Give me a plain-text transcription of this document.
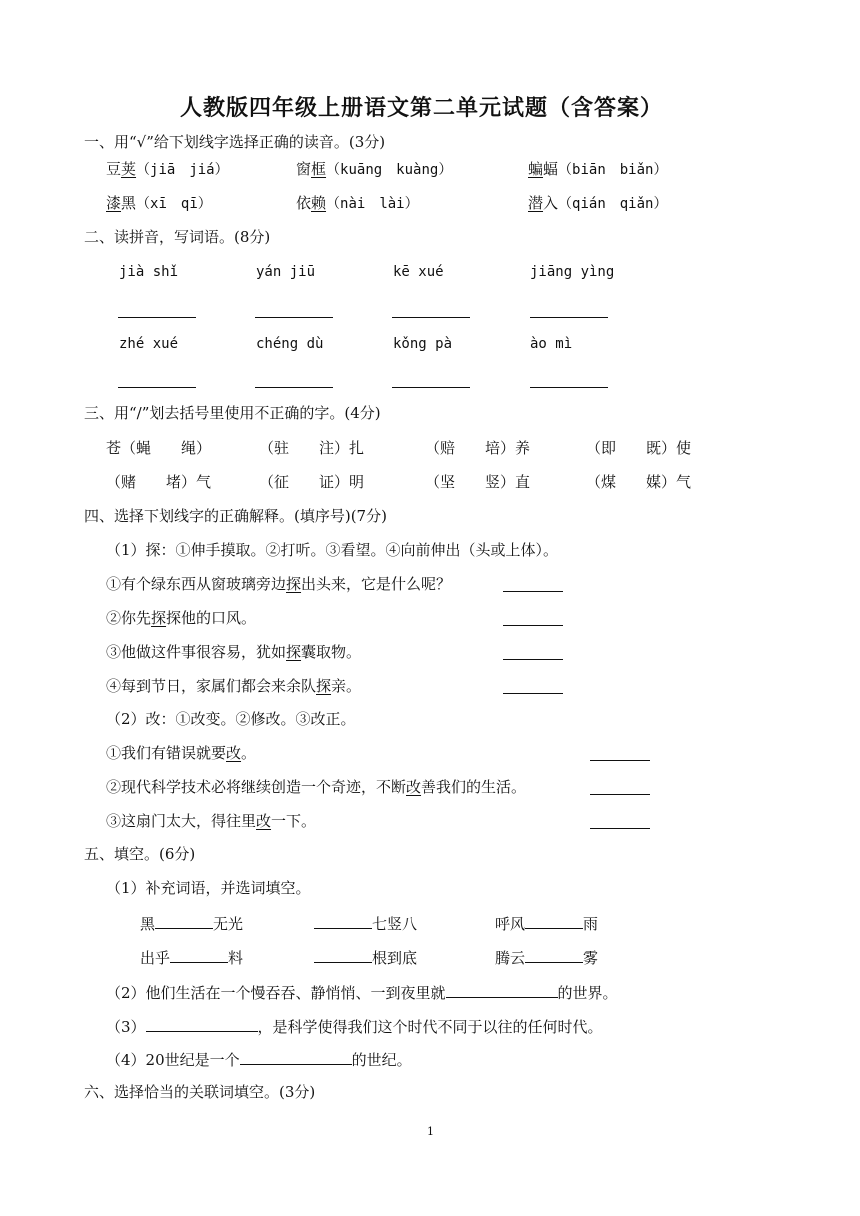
人教版四年级上册语文第二单元试题（含答案）
一、用“√”给下划线字选择正确的读音。(3分)
豆荚（jiā　jiá）	窗框（kuāng　kuàng）	蝙蝠（biān　biǎn）
漆黑（xī　qī）	依赖（nài　lài）	潜入（qián　qiǎn）
二、读拼音，写词语。(8分)
jià shǐ	yán jiū	kē xué	jiāng yìng
zhé xué	chéng dù	kǒng pà	ào mì
三、用“/”划去括号里使用不正确的字。(4分)
苍（蝇　　绳）	（驻　　注）扎	（赔　　培）养	（即　　既）使
（赌　　堵）气	（征　　证）明	（坚　　竖）直	（煤　　媒）气
四、选择下划线字的正确解释。(填序号)(7分)
（1）探：①伸手摸取。②打听。③看望。④向前伸出（头或上体）。
①有个绿东西从窗玻璃旁边探出头来，它是什么呢？
②你先探探他的口风。
③他做这件事很容易，犹如探囊取物。
④每到节日，家属们都会来余队探亲。
（2）改：①改变。②修改。③改正。
①我们有错误就要改。
②现代科学技术必将继续创造一个奇迹，不断改善我们的生活。
③这扇门太大，得往里改一下。
五、填空。(6分)
（1）补充词语，并选词填空。
黑	无光	七竖八	呼风	雨
出乎	料	根到底	腾云	雾
（2）他们生活在一个慢吞吞、静悄悄、一到夜里就	的世界。
（3）	，是科学使得我们这个时代不同于以往的任何时代。
（4）20世纪是一个	的世纪。
六、选择恰当的关联词填空。(3分)
1
